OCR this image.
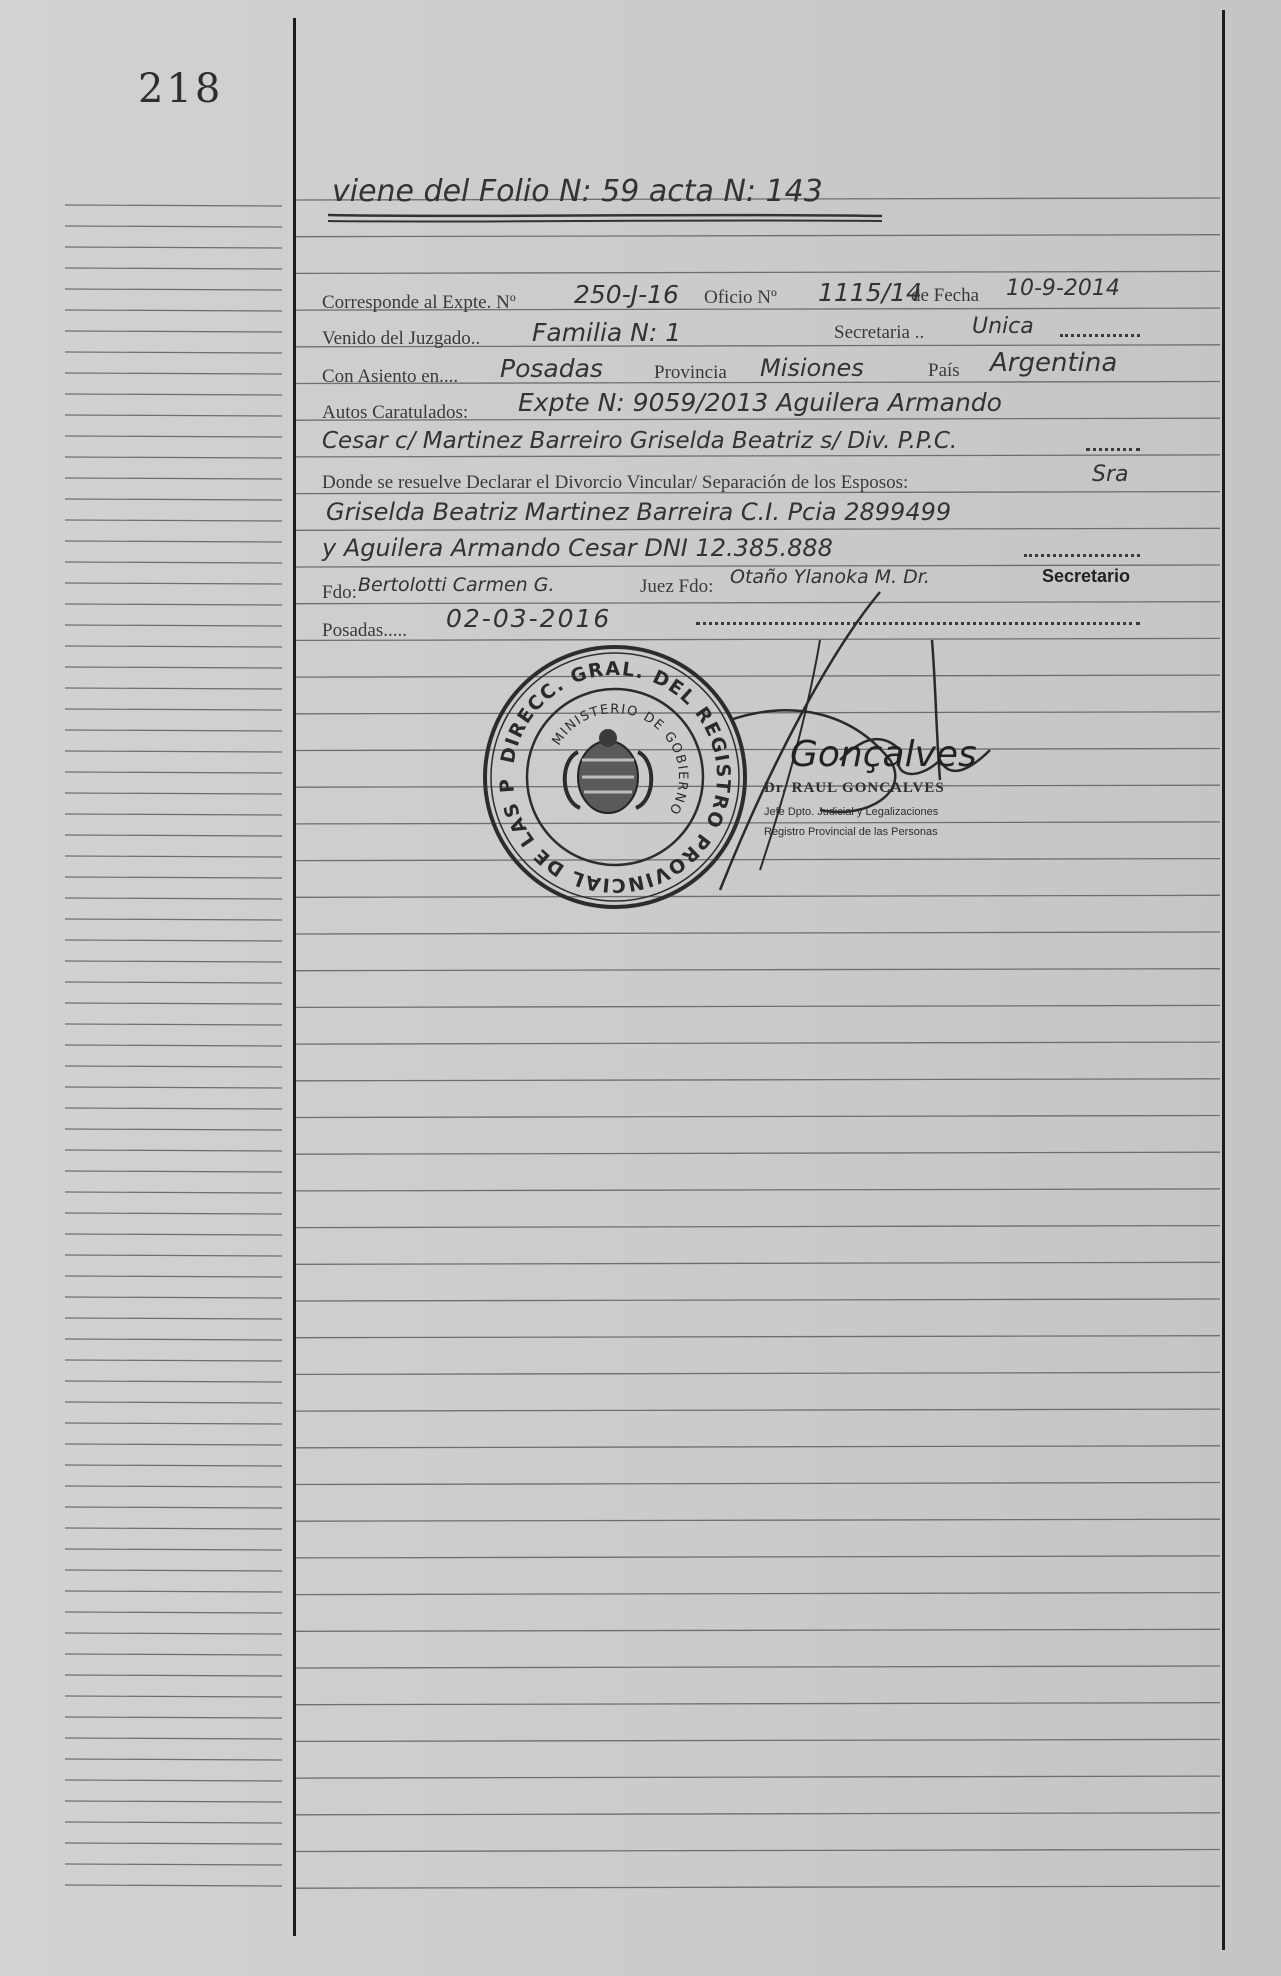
218
viene del Folio N: 59 acta N: 143
Corresponde al Expte. Nº 250-J-16 Oficio Nº 1115/14
de Fecha 10-9-2014
Venido del Juzgado.. Familia N: 1	Secretaria .. Unica
Con Asiento en.... Posadas	Provincia Misiones	País Argentina
Autos Caratulados: Expte N: 9059/2013 Aguilera Armando
Cesar c/ Martinez Barreiro Griselda Beatriz s/ Div. P.P.C.
Donde se resuelve Declarar el Divorcio Vincular/ Separación de los Esposos:	Sra
Griselda Beatriz Martinez Barreira C.I. Pcia 2899499
y Aguilera Armando Cesar DNI 12.385.888
Fdo: Bertolotti Carmen G.	Juez Fdo: Otaño Ylanoka M. Dr.	Secretario
Posadas..... 02-03-2016
DIRECC. GRAL. DEL REGISTRO PROVINCIAL DE LAS P
MINISTERIO DE GOBIERNO
Gonçalves
Dr. RAUL GONCALVES
Jefe Dpto. Judicial y Legalizaciones
Registro Provincial de las Personas
